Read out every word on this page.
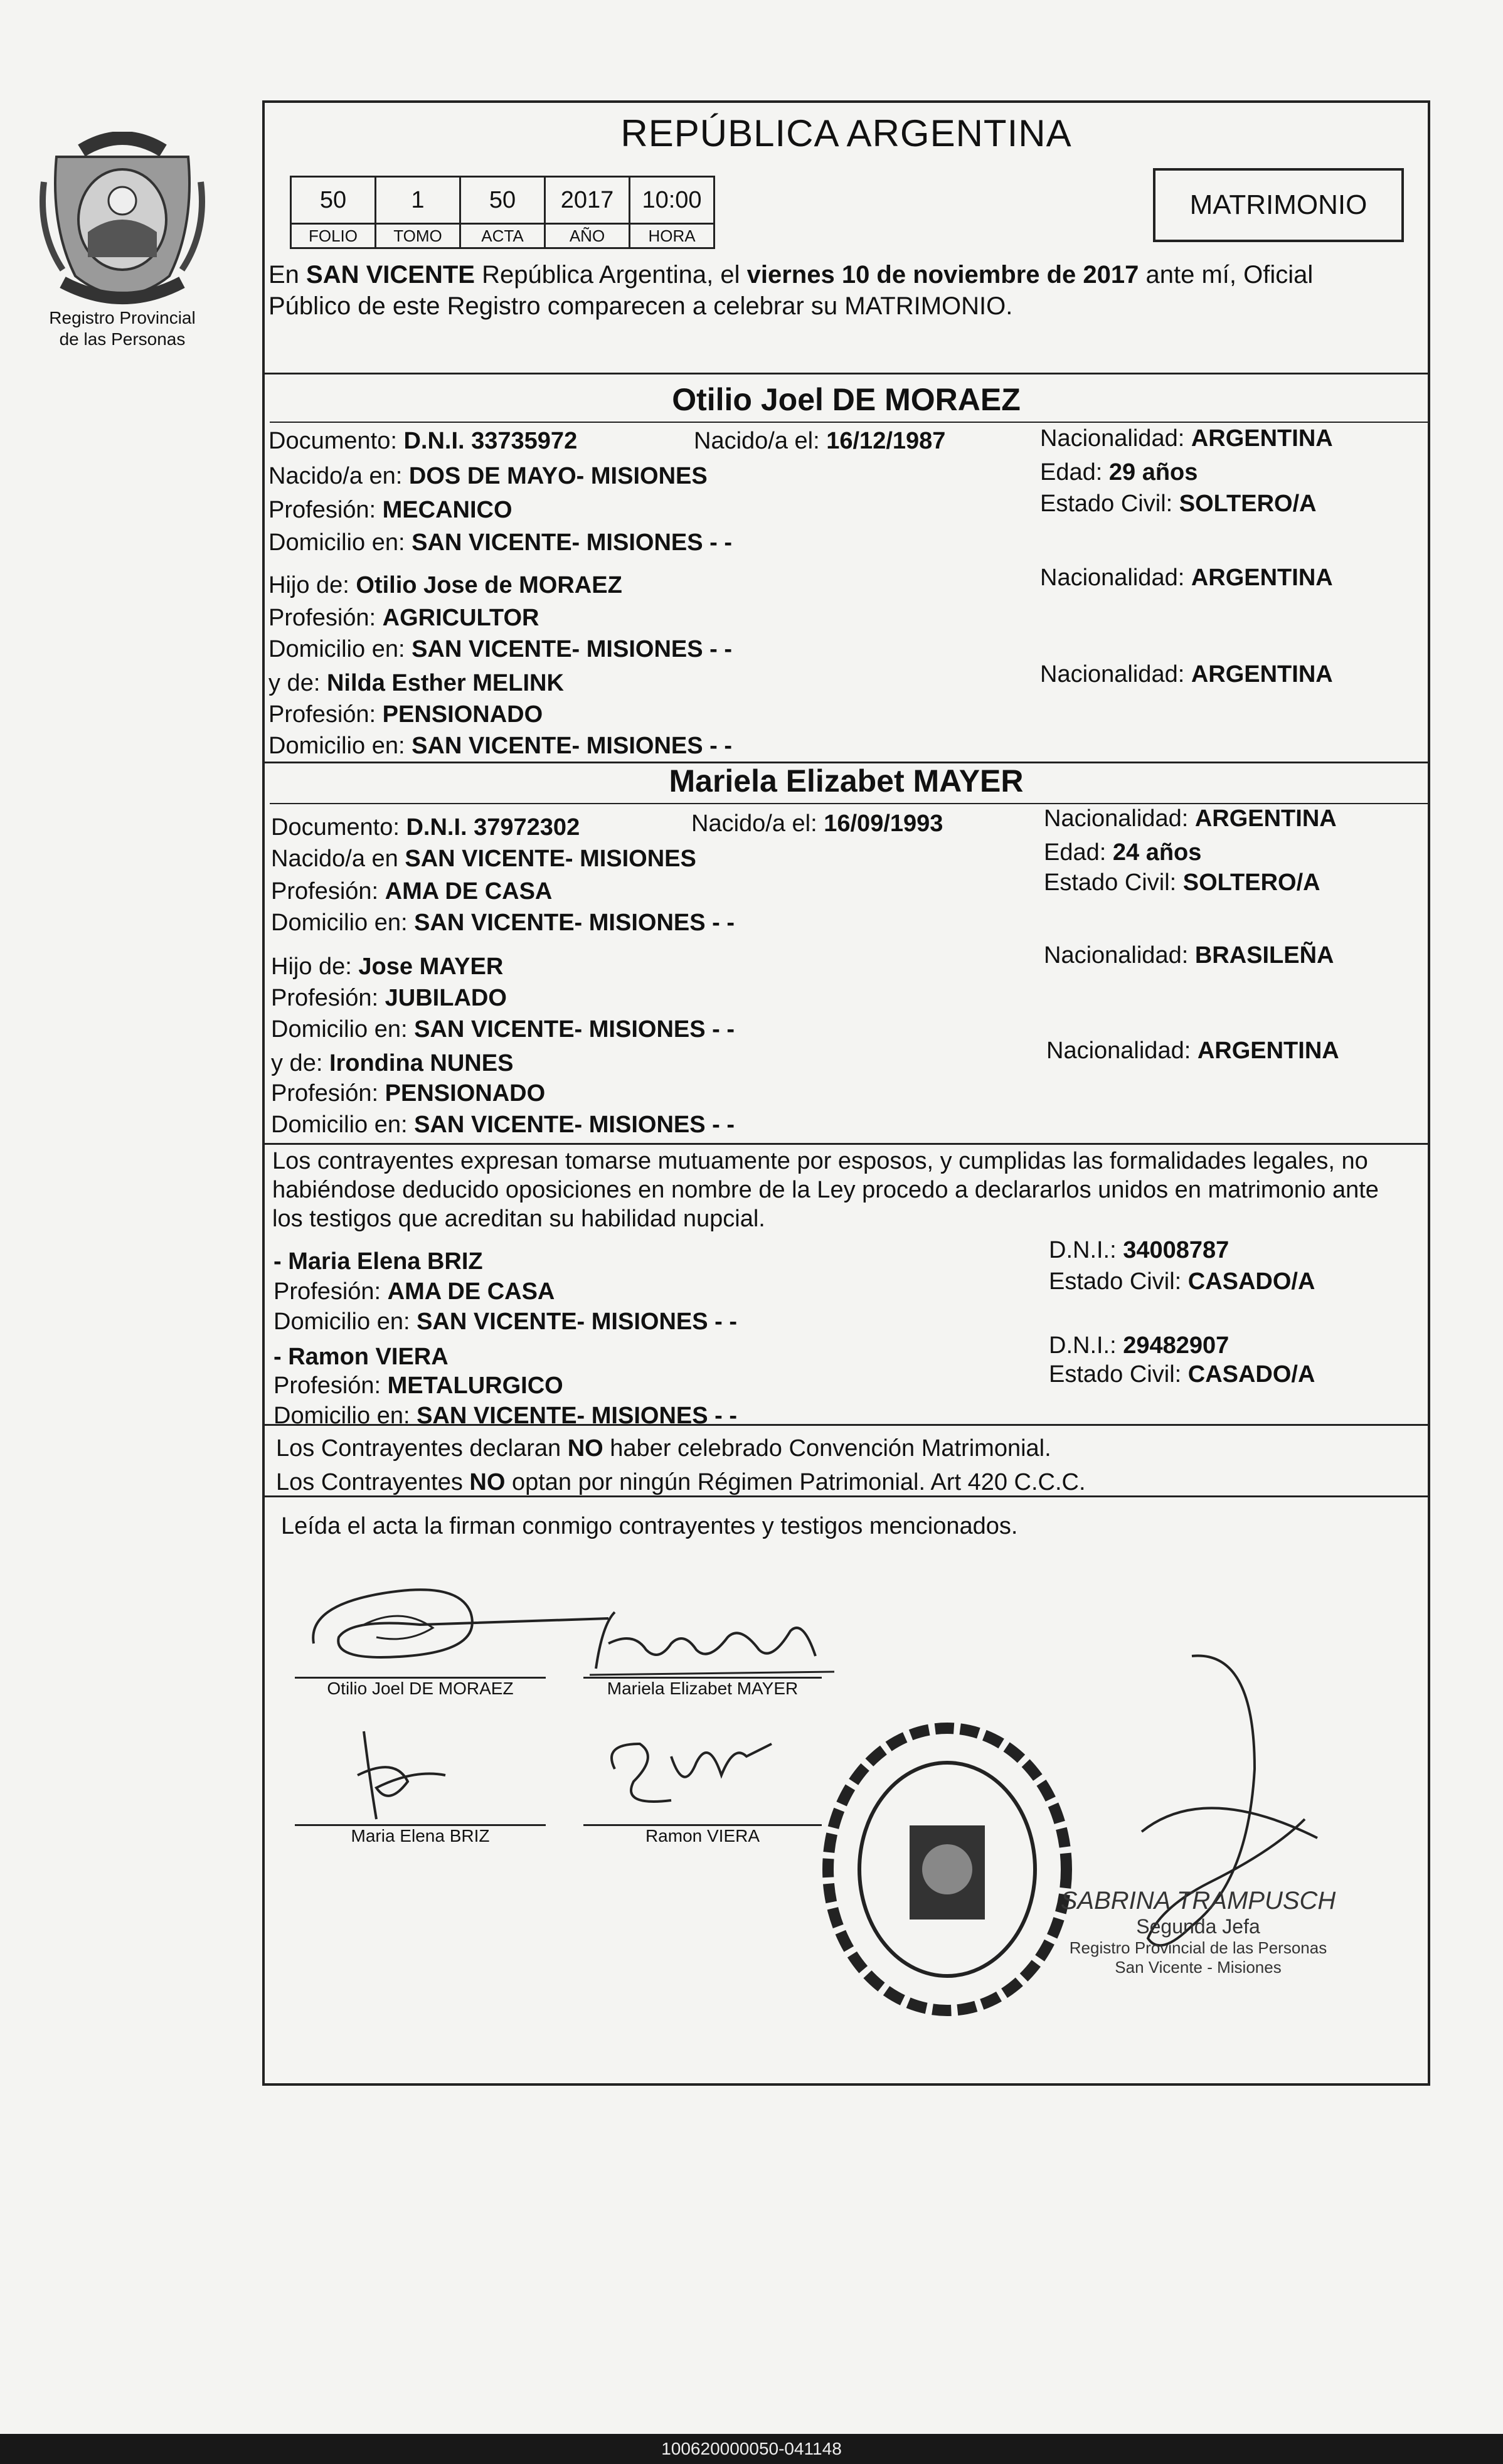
Registro Provincial
de las Personas
REPÚBLICA ARGENTINA
50	1	50	2017	10:00
FOLIO	TOMO	ACTA	AÑO	HORA
MATRIMONIO
En SAN VICENTE República Argentina, el viernes 10 de noviembre de 2017 ante mí, Oficial
Público de este Registro comparecen a celebrar su MATRIMONIO.
Otilio Joel DE MORAEZ
Documento: D.N.I. 33735972	Nacido/a el: 16/12/1987	Nacionalidad: ARGENTINA
Nacido/a en: DOS DE MAYO- MISIONES	Edad: 29 años
Profesión: MECANICO	Estado Civil: SOLTERO/A
Domicilio en: SAN VICENTE- MISIONES - -
Hijo de: Otilio Jose de MORAEZ	Nacionalidad: ARGENTINA
Profesión: AGRICULTOR
Domicilio en: SAN VICENTE- MISIONES - -
y de: Nilda Esther MELINK	Nacionalidad: ARGENTINA
Profesión: PENSIONADO
Domicilio en: SAN VICENTE- MISIONES - -
Mariela Elizabet MAYER
Documento: D.N.I. 37972302	Nacido/a el: 16/09/1993	Nacionalidad: ARGENTINA
Nacido/a en SAN VICENTE- MISIONES	Edad: 24 años
Profesión: AMA DE CASA	Estado Civil: SOLTERO/A
Domicilio en: SAN VICENTE- MISIONES - -
Hijo de: Jose MAYER	Nacionalidad: BRASILEÑA
Profesión: JUBILADO
Domicilio en: SAN VICENTE- MISIONES - -
y de: Irondina NUNES	Nacionalidad: ARGENTINA
Profesión: PENSIONADO
Domicilio en: SAN VICENTE- MISIONES - -
Los contrayentes expresan tomarse mutuamente por esposos, y cumplidas las formalidades legales, no
habiéndose deducido oposiciones en nombre de la Ley procedo a declararlos unidos en matrimonio ante
los testigos que acreditan su habilidad nupcial.
- Maria Elena BRIZ	D.N.I.: 34008787
Profesión: AMA DE CASA	Estado Civil: CASADO/A
Domicilio en: SAN VICENTE- MISIONES - -
- Ramon VIERA	D.N.I.: 29482907
Profesión: METALURGICO	Estado Civil: CASADO/A
Domicilio en: SAN VICENTE- MISIONES - -
Los Contrayentes declaran NO haber celebrado Convención Matrimonial.
Los Contrayentes NO optan por ningún Régimen Patrimonial. Art 420 C.C.C.
Leída el acta la firman conmigo contrayentes y testigos mencionados.
Otilio Joel DE MORAEZ	Mariela Elizabet MAYER
Maria Elena BRIZ	Ramon VIERA
SABRINA TRAMPUSCH
Segunda Jefa
Registro Provincial de las Personas
San Vicente - Misiones
100620000050-041148
